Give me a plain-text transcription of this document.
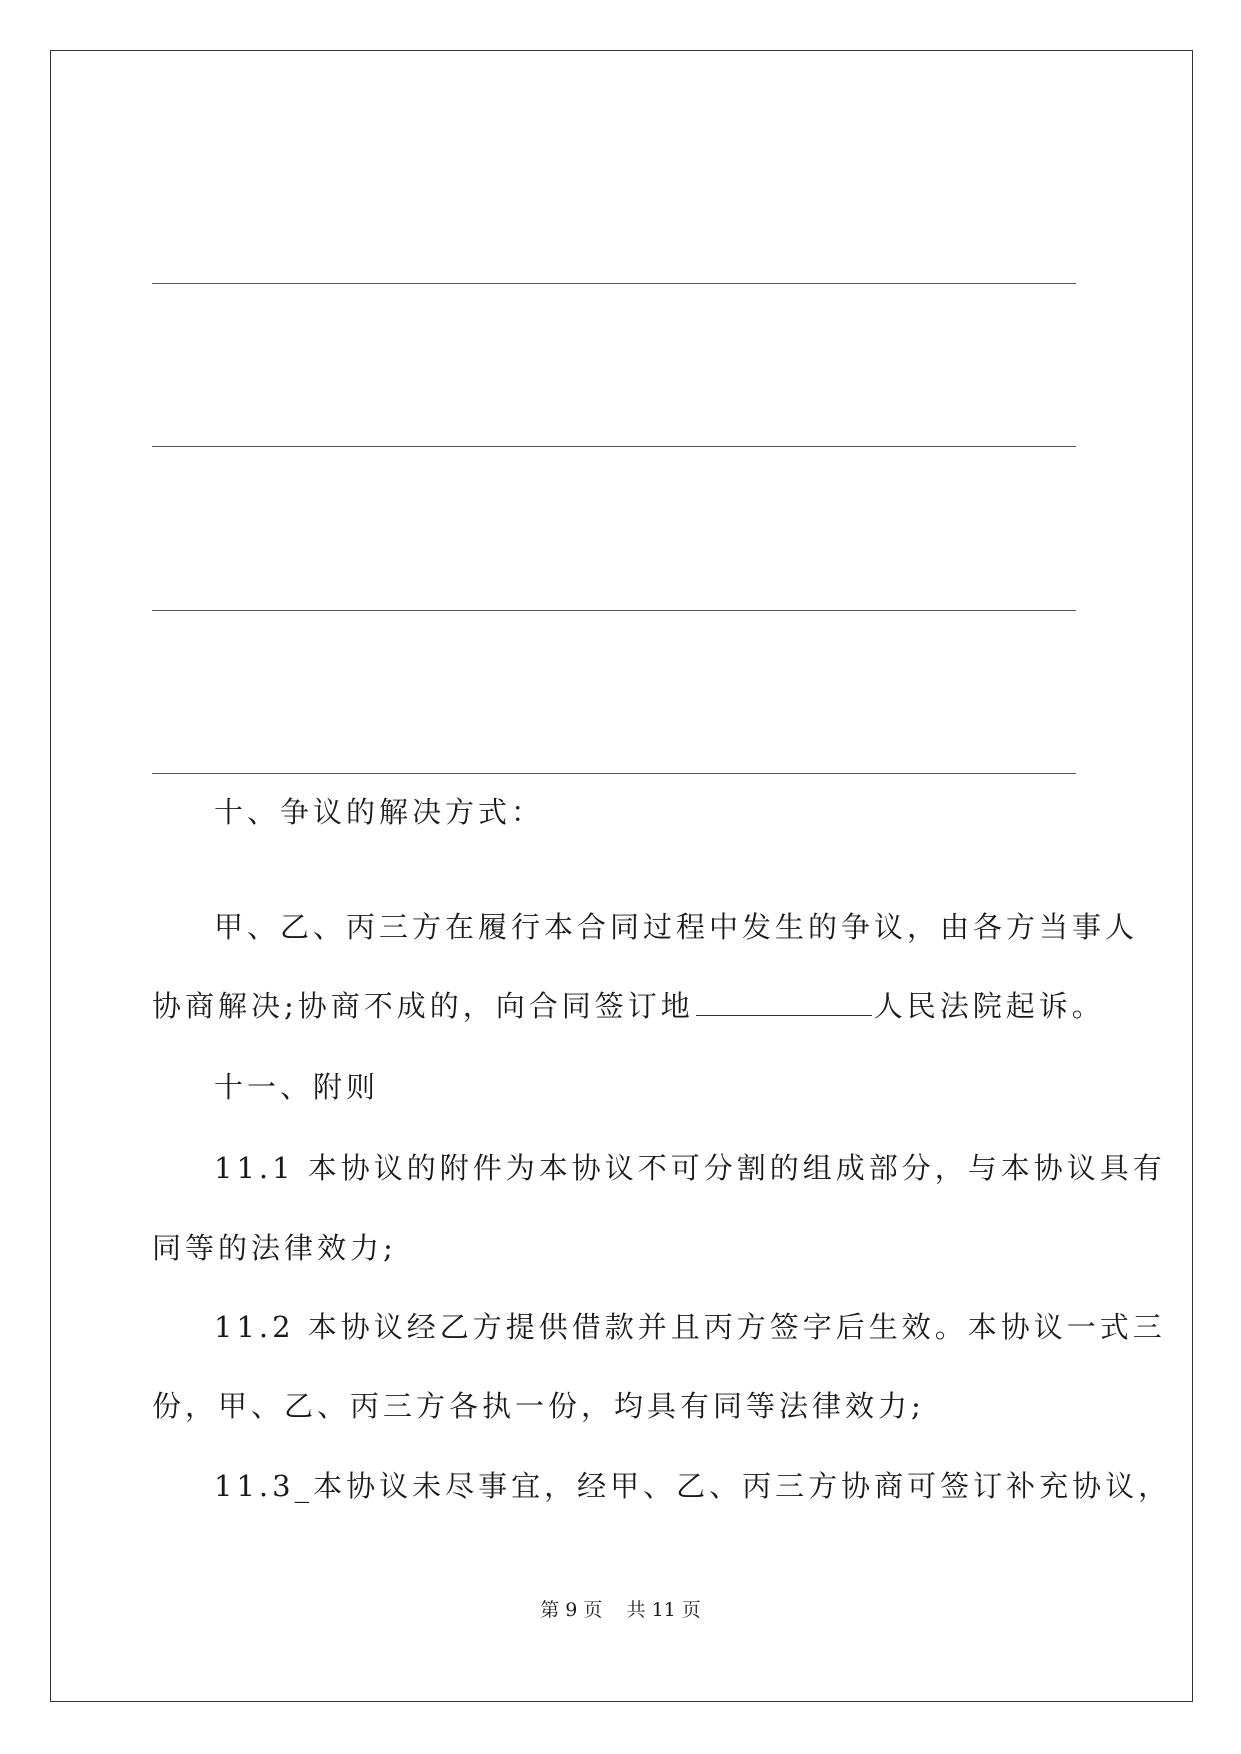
十、争议的解决方式：
甲、乙、丙三方在履行本合同过程中发生的争议，由各方当事人
协商解决;协商不成的，向合同签订地	人民法院起诉。
十一、附则
11.1 本协议的附件为本协议不可分割的组成部分，与本协议具有
同等的法律效力;
11.2 本协议经乙方提供借款并且丙方签字后生效。本协议一式三
份，甲、乙、丙三方各执一份，均具有同等法律效力;
11.3_本协议未尽事宜，经甲、乙、丙三方协商可签订补充协议，
第 9 页 共 11 页
